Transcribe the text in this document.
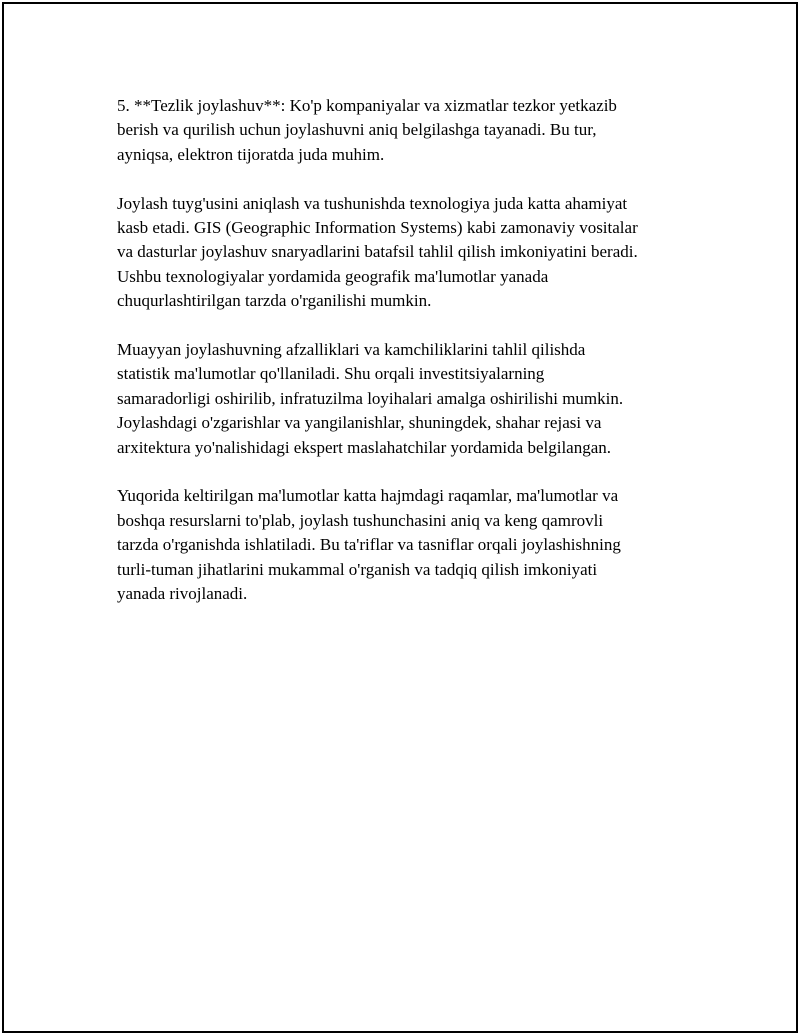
5. **Tezlik joylashuv**: Ko'p kompaniyalar va xizmatlar tezkor yetkazib
berish va qurilish uchun joylashuvni aniq belgilashga tayanadi. Bu tur,
ayniqsa, elektron tijoratda juda muhim.

Joylash tuyg'usini aniqlash va tushunishda texnologiya juda katta ahamiyat
kasb etadi. GIS (Geographic Information Systems) kabi zamonaviy vositalar
va dasturlar joylashuv snaryadlarini batafsil tahlil qilish imkoniyatini beradi.
Ushbu texnologiyalar yordamida geografik ma'lumotlar yanada
chuqurlashtirilgan tarzda o'rganilishi mumkin.

Muayyan joylashuvning afzalliklari va kamchiliklarini tahlil qilishda
statistik ma'lumotlar qo'llaniladi. Shu orqali investitsiyalarning
samaradorligi oshirilib, infratuzilma loyihalari amalga oshirilishi mumkin.
Joylashdagi o'zgarishlar va yangilanishlar, shuningdek, shahar rejasi va
arxitektura yo'nalishidagi ekspert maslahatchilar yordamida belgilangan.

Yuqorida keltirilgan ma'lumotlar katta hajmdagi raqamlar, ma'lumotlar va
boshqa resurslarni to'plab, joylash tushunchasini aniq va keng qamrovli
tarzda o'rganishda ishlatiladi. Bu ta'riflar va tasniflar orqali joylashishning
turli-tuman jihatlarini mukammal o'rganish va tadqiq qilish imkoniyati
yanada rivojlanadi.
